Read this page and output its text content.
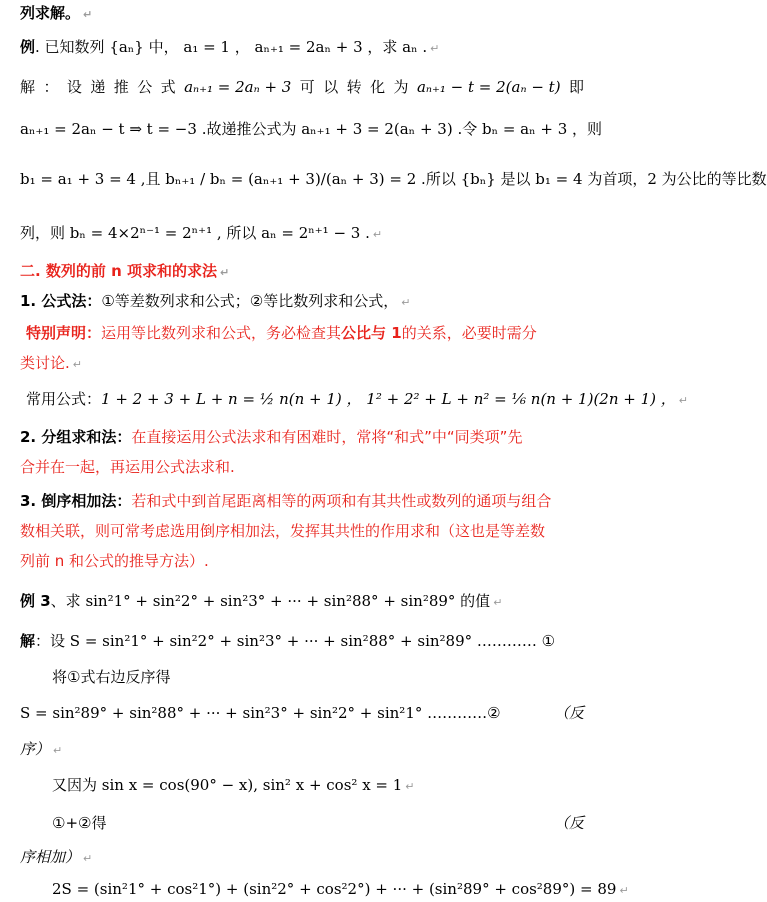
列求解。 ↵
例. 已知数列 {aₙ} 中， a₁ = 1 ， aₙ₊₁ = 2aₙ + 3 ，求 aₙ . ↵
解 ： 设 递 推 公 式 aₙ₊₁ = 2aₙ + 3 可 以 转 化 为 aₙ₊₁ − t = 2(aₙ − t) 即
aₙ₊₁ = 2aₙ − t ⇒ t = −3 .故递推公式为 aₙ₊₁ + 3 = 2(aₙ + 3) .令 bₙ = aₙ + 3 ， 则
b₁ = a₁ + 3 = 4 ,且 bₙ₊₁ / bₙ = (aₙ₊₁ + 3)/(aₙ + 3) = 2 .所以 {bₙ} 是以 b₁ = 4 为首项，2 为公比的等比 数
列，则 bₙ = 4×2ⁿ⁻¹ = 2ⁿ⁺¹ , 所以 aₙ = 2ⁿ⁺¹ − 3 . ↵
二. 数列的前 n 项求和的求法 ↵
1. 公式法：①等差数列求和公式；②等比数列求和公式， ↵
特别声明：运用等比数列求和公式，务必检查其公比与 1的关系，必要时需分
类讨论. ↵
常用公式：1 + 2 + 3 + L + n = ½ n(n + 1) ， 1² + 2² + L + n² = ⅙ n(n + 1)(2n + 1) ， ↵
2. 分组求和法：在直接运用公式法求和有困难时，常将“和式”中“同类项”先
合并在一起，再运用公式法求和.
3. 倒序相加法：若和式中到首尾距离相等的两项和有其共性或数列的通项与组合
数相关联，则可常考虑选用倒序相加法，发挥其共性的作用求和（这也是等差数
列前 n 和公式的推导方法）.
例 3、求 sin²1° + sin²2° + sin²3° + ··· + sin²88° + sin²89° 的值 ↵
解：设 S = sin²1° + sin²2° + sin²3° + ··· + sin²88° + sin²89° ………… ①
将①式右边反序得
S = sin²89° + sin²88° + ··· + sin²3° + sin²2° + sin²1° …………②	（反
序） ↵
又因为 sin x = cos(90° − x), sin² x + cos² x = 1 ↵
①+②得	（反
序相加） ↵
2S = (sin²1° + cos²1°) + (sin²2° + cos²2°) + ··· + (sin²89° + cos²89°) = 89 ↵
